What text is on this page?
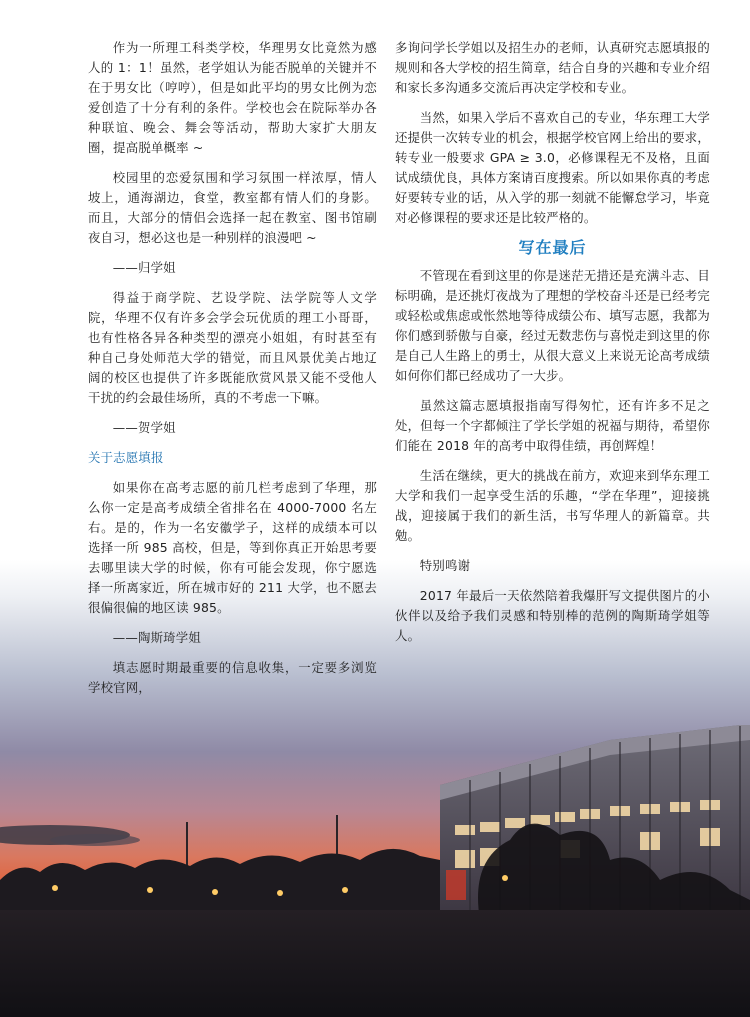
作为一所理工科类学校，华理男女比竟然为感人的 1：1！虽然，老学姐认为能否脱单的关键并不在于男女比（哼哼），但是如此平均的男女比例为恋爱创造了十分有利的条件。学校也会在院际举办各种联谊、晚会、舞会等活动，帮助大家扩大朋友圈，提高脱单概率 ~

校园里的恋爱氛围和学习氛围一样浓厚，情人坡上，通海湖边，食堂，教室都有情人们的身影。而且，大部分的情侣会选择一起在教室、图书馆刷夜自习，想必这也是一种别样的浪漫吧 ~

——归学姐

得益于商学院、艺设学院、法学院等人文学院，华理不仅有许多会学会玩优质的理工小哥哥，也有性格各异各种类型的漂亮小姐姐，有时甚至有种自己身处师范大学的错觉，而且风景优美占地辽阔的校区也提供了许多既能欣赏风景又能不受他人干扰的约会最佳场所，真的不考虑一下嘛。

——贺学姐

关于志愿填报

如果你在高考志愿的前几栏考虑到了华理，那么你一定是高考成绩全省排名在 4000-7000 名左右。是的，作为一名安徽学子，这样的成绩本可以选择一所 985 高校，但是，等到你真正开始思考要去哪里读大学的时候，你有可能会发现，你宁愿选择一所离家近，所在城市好的 211 大学，也不愿去很偏很偏的地区读 985。

——陶斯琦学姐

填志愿时期最重要的信息收集，一定要多浏览学校官网，

多询问学长学姐以及招生办的老师，认真研究志愿填报的规则和各大学校的招生简章，结合自身的兴趣和专业介绍和家长多沟通多交流后再决定学校和专业。

当然，如果入学后不喜欢自己的专业，华东理工大学还提供一次转专业的机会，根据学校官网上给出的要求，转专业一般要求 GPA ≥ 3.0，必修课程无不及格，且面试成绩优良，具体方案请百度搜索。所以如果你真的考虑好要转专业的话，从入学的那一刻就不能懈怠学习，毕竟对必修课程的要求还是比较严格的。

写在最后

不管现在看到这里的你是迷茫无措还是充满斗志、目标明确，是还挑灯夜战为了理想的学校奋斗还是已经考完或轻松或焦虑或怅然地等待成绩公布、填写志愿，我都为你们感到骄傲与自豪，经过无数悲伤与喜悦走到这里的你是自己人生路上的勇士，从很大意义上来说无论高考成绩如何你们都已经成功了一大步。

虽然这篇志愿填报指南写得匆忙，还有许多不足之处，但每一个字都倾注了学长学姐的祝福与期待，希望你们能在 2018 年的高考中取得佳绩，再创辉煌！

生活在继续，更大的挑战在前方，欢迎来到华东理工大学和我们一起享受生活的乐趣，“学在华理”，迎接挑战，迎接属于我们的新生活，书写华理人的新篇章。共勉。

特别鸣谢

2017 年最后一天依然陪着我爆肝写文提供图片的小伙伴以及给予我们灵感和特别棒的范例的陶斯琦学姐等人。
